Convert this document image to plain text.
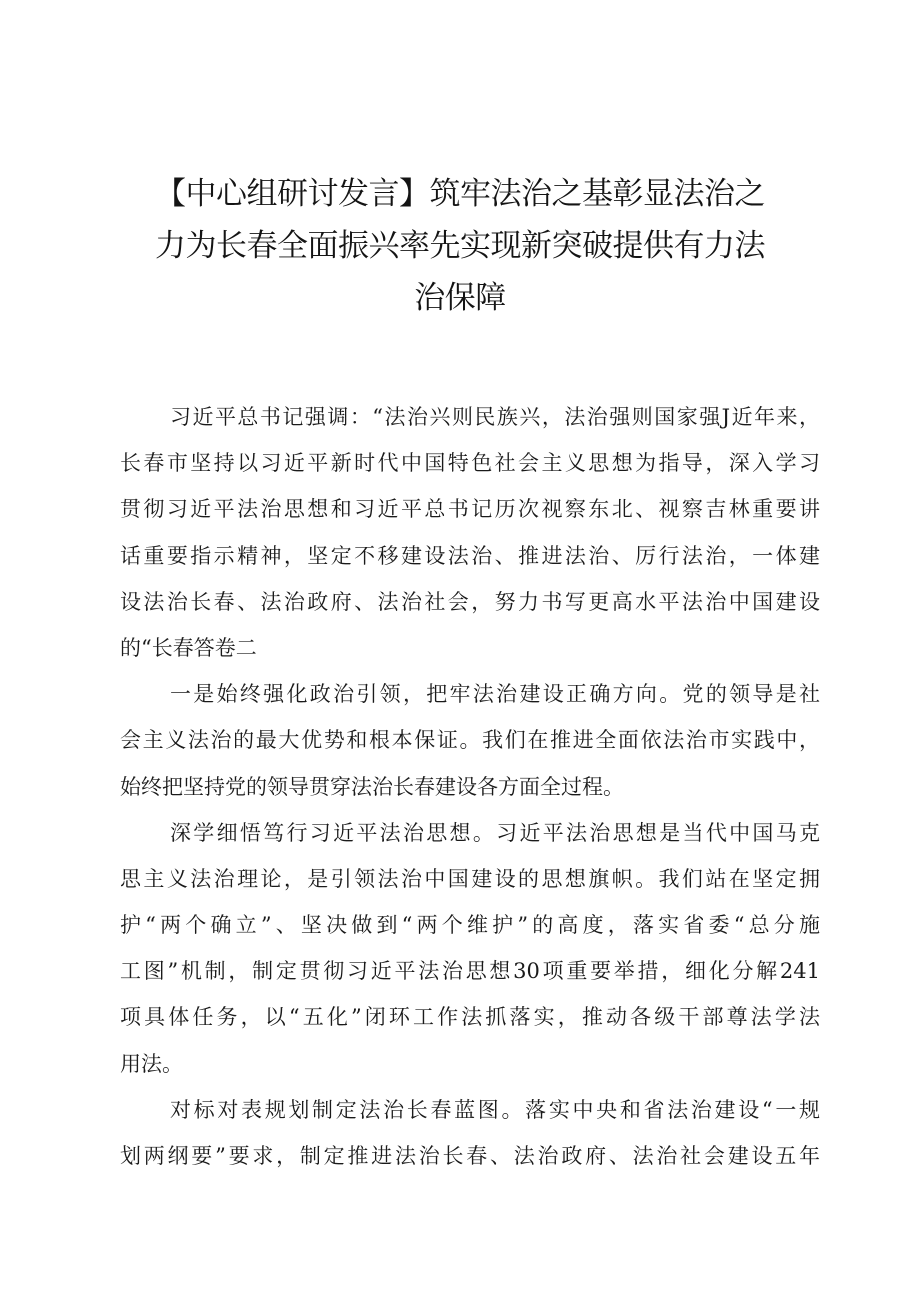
【中心组研讨发言】筑牢法治之基彰显法治之
力为长春全面振兴率先实现新突破提供有力法
治保障
习近平总书记强调：“法治兴则民族兴，法治强则国家强J近年来，
长春市坚持以习近平新时代中国特色社会主义思想为指导，深入学习
贯彻习近平法治思想和习近平总书记历次视察东北、视察吉林重要讲
话重要指示精神，坚定不移建设法治、推进法治、厉行法治，一体建
设法治长春、法治政府、法治社会，努力书写更高水平法治中国建设
的“长春答卷二
一是始终强化政治引领，把牢法治建设正确方向。党的领导是社
会主义法治的最大优势和根本保证。我们在推进全面依法治市实践中，
始终把坚持党的领导贯穿法治长春建设各方面全过程。
深学细悟笃行习近平法治思想。习近平法治思想是当代中国马克
思主义法治理论，是引领法治中国建设的思想旗帜。我们站在坚定拥
护“两个确立”、坚决做到“两个维护”的高度，落实省委“总分施
工图”机制，制定贯彻习近平法治思想30项重要举措，细化分解241
项具体任务，以“五化”闭环工作法抓落实，推动各级干部尊法学法
用法。
对标对表规划制定法治长春蓝图。落实中央和省法治建设“一规
划两纲要”要求，制定推进法治长春、法治政府、法治社会建设五年
